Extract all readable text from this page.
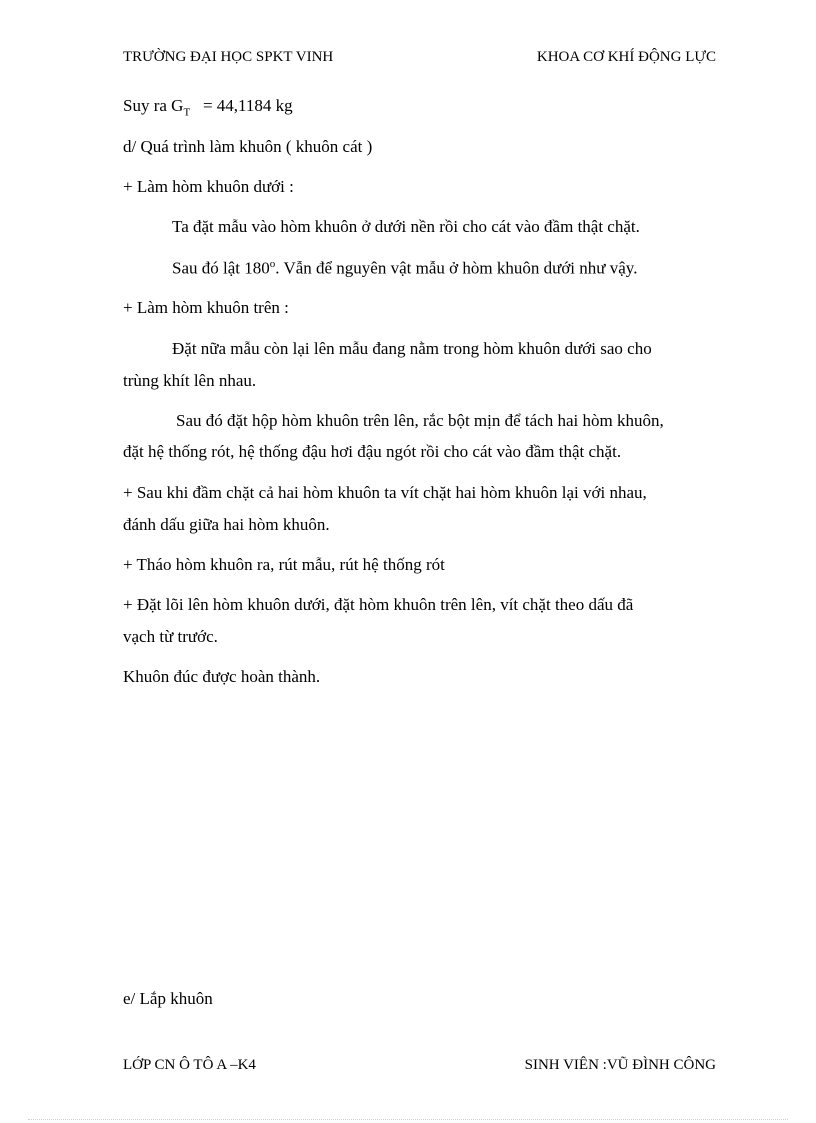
TRƯỜNG ĐẠI HỌC SPKT VINH	KHOA CƠ KHÍ ĐỘNG LỰC
Suy ra $G_T = 44,1184$ kg
d/ Quá trình làm khuôn ( khuôn cát )
+ Làm hòm khuôn dưới :
Ta đặt mẫu vào hòm khuôn ở dưới nền rồi cho cát vào đầm thật chặt.
Sau đó lật 180$^o$. Vẫn để nguyên vật mẫu ở hòm khuôn dưới như vậy.
+ Làm hòm khuôn trên :
Đặt nữa mẫu còn lại lên mẫu đang nằm trong hòm khuôn dưới sao cho
trùng khít lên nhau.
Sau đó đặt hộp hòm khuôn trên lên, rắc bột mịn để tách hai hòm khuôn,
đặt hệ thống rót, hệ thống đậu hơi đậu ngót rồi cho cát vào đầm thật chặt.
+ Sau khi đầm chặt cả hai hòm khuôn ta vít chặt hai hòm khuôn lại với nhau,
đánh dấu giữa hai hòm khuôn.
+ Tháo hòm khuôn ra, rút mẫu, rút hệ thống rót
+ Đặt lõi lên hòm khuôn dưới, đặt hòm khuôn trên lên, vít chặt theo dấu đã
vạch từ trước.
Khuôn đúc được hoàn thành.
e/ Lắp khuôn
LỚP CN Ô TÔ A –K4	SINH VIÊN :VŨ ĐÌNH CÔNG
